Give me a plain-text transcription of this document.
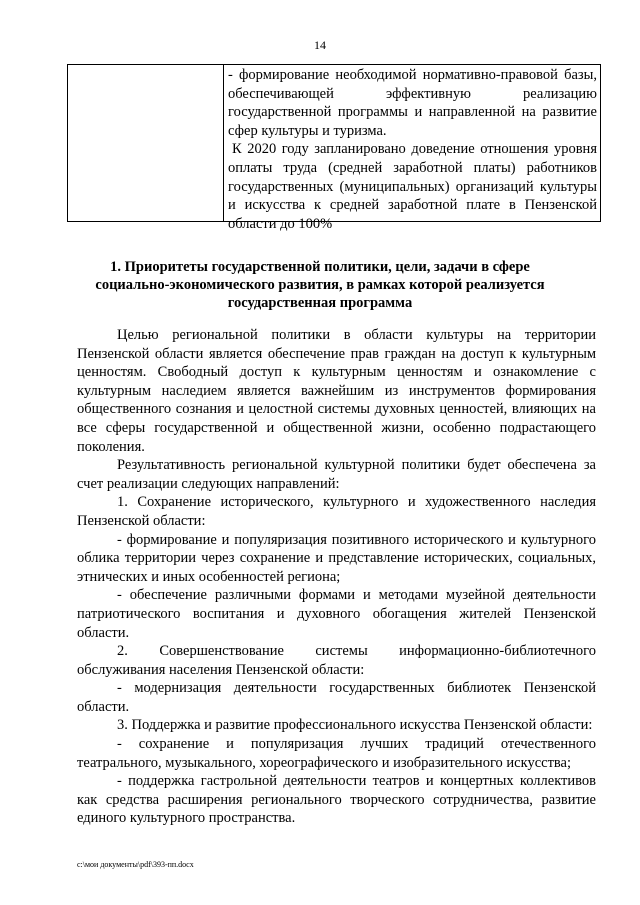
14

- формирование необходимой нормативно-правовой базы, обеспечивающей эффективную реализацию государственной программы и направленной на развитие сфер культуры и туризма.

К 2020 году запланировано доведение отношения уровня оплаты труда (средней заработной платы) работников государственных (муниципальных) организаций культуры и искусства к средней заработной плате в Пензенской области до 100%

1. Приоритеты государственной политики, цели, задачи в сфере
социально-экономического развития, в рамках которой реализуется
государственная программа

Целью региональной политики в области культуры на территории Пензенской области является обеспечение прав граждан на доступ к культурным ценностям. Свободный доступ к культурным ценностям и ознакомление с культурным наследием является важнейшим из инструментов формирования общественного сознания и целостной системы духовных ценностей, влияющих на все сферы государственной и общественной жизни, особенно подрастающего поколения.

Результативность региональной культурной политики будет обеспечена за счет реализации следующих направлений:

1. Сохранение исторического, культурного и художественного наследия Пензенской области:

- формирование и популяризация позитивного исторического и культурного облика территории через сохранение и представление исторических, социальных, этнических и иных особенностей региона;

- обеспечение различными формами и методами музейной деятельности патриотического воспитания и духовного обогащения жителей Пензенской области.

2. Совершенствование системы информационно-библиотечного обслуживания населения Пензенской области:

- модернизация деятельности государственных библиотек Пензенской области.

3. Поддержка и развитие профессионального искусства Пензенской области:

- сохранение и популяризация лучших традиций отечественного театрального, музыкального, хореографического и изобразительного искусства;

- поддержка гастрольной деятельности театров и концертных коллективов как средства расширения регионального творческого сотрудничества, развитие единого культурного пространства.

c:\мои документы\pdf\393-пп.docx
